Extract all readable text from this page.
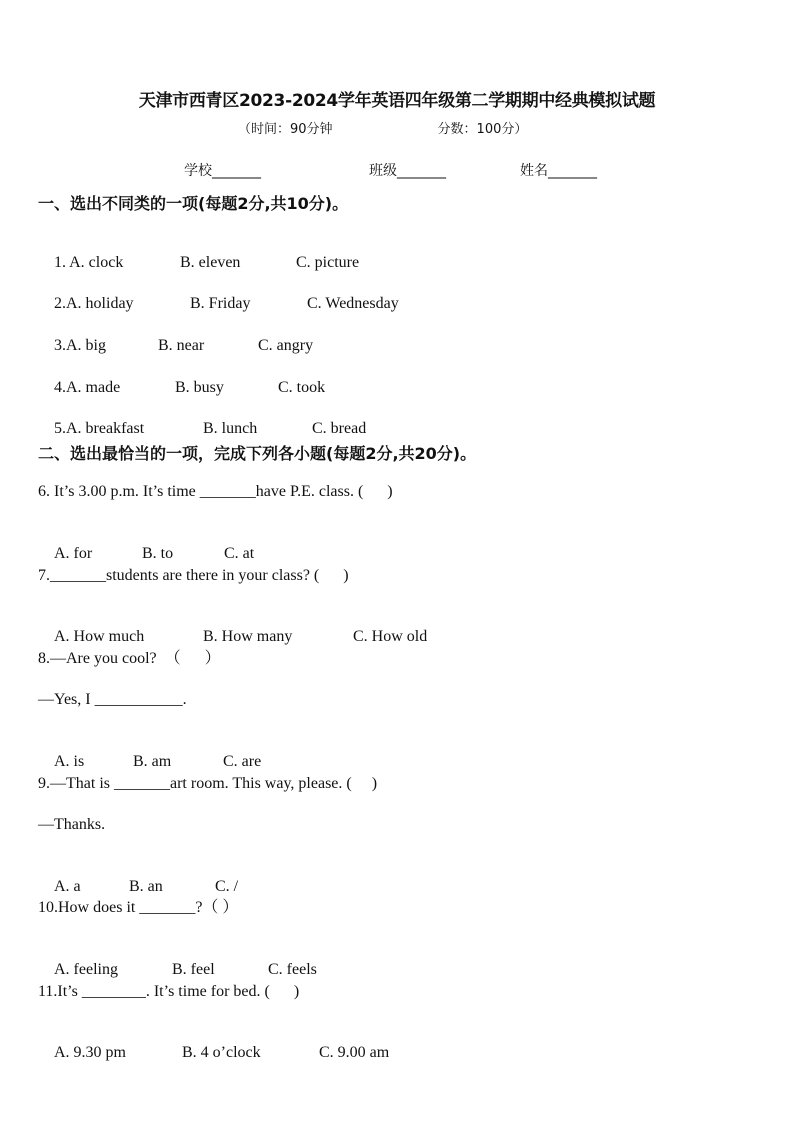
天津市西青区2023-2024学年英语四年级第二学期期中经典模拟试题
（时间：90分钟	分数：100分）
学校_______	班级_______	姓名_______
一、选出不同类的一项(每题2分,共10分)。

1. A. clock	B. eleven	C. picture

2.A. holiday	B. Friday	C. Wednesday

3.A. big	B. near	C. angry

4.A. made	B. busy	C. took

5.A. breakfast	B. lunch	C. bread

二、选出最恰当的一项，完成下列各小题(每题2分,共20分)。
6. It’s 3.00 p.m. It’s time _______have P.E. class. (      )

A. for	B. to	C. at

7._______students are there in your class? (      )

A. How much	B. How many	C. How old

8.—Are you cool?  （      ）
—Yes, I ___________.

A. is	B. am	C. are

9.—That is _______art room. This way, please. (     )
—Thanks.

A. a	B. an	C. /

10.How does it _______?（ ）

A. feeling	B. feel	C. feels

11.It’s ________. It’s time for bed. (      )

A. 9.30 pm	B. 4 o’clock	C. 9.00 am
